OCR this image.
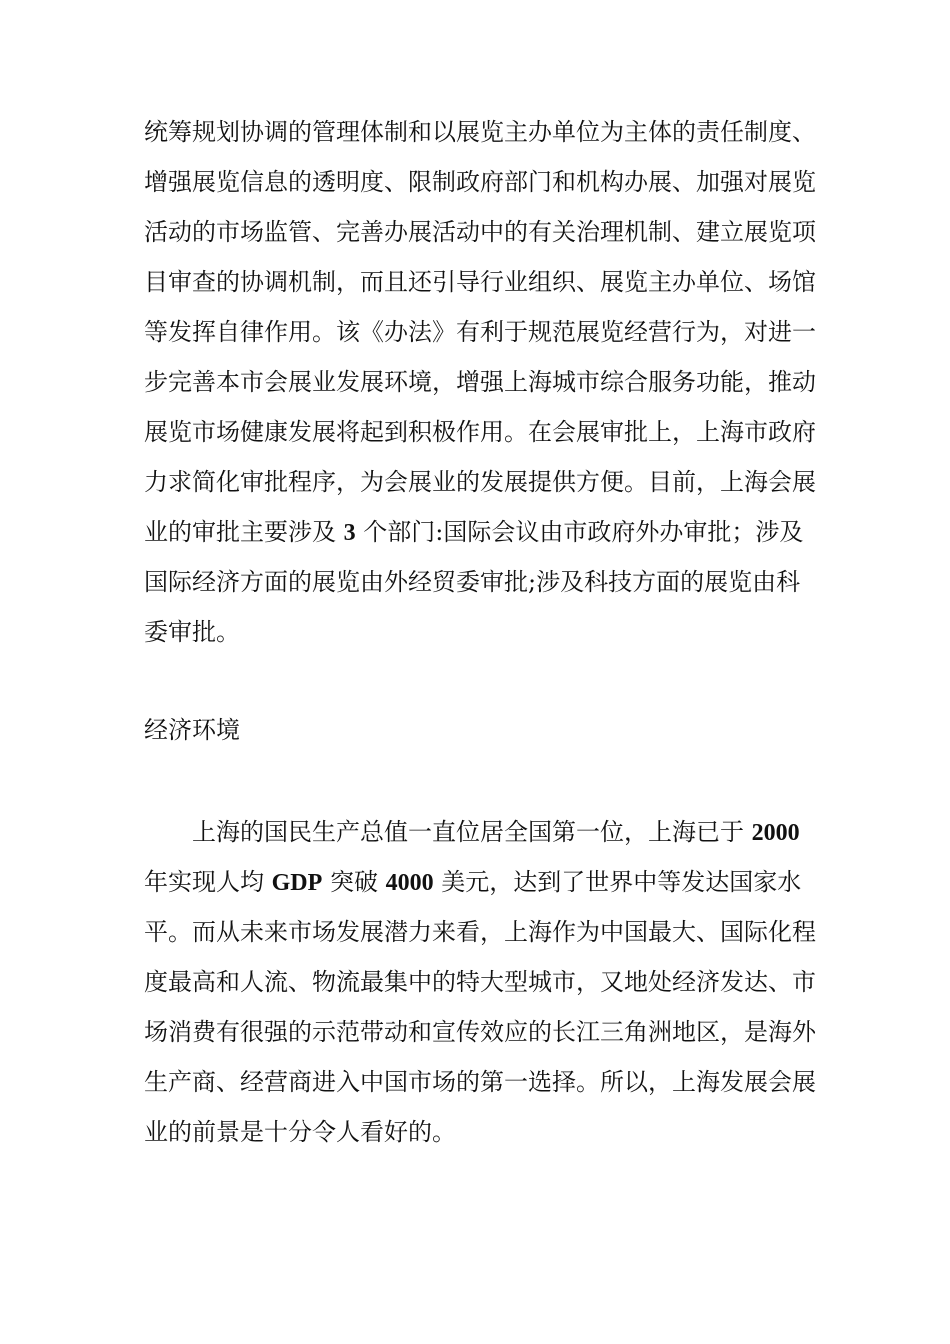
统筹规划协调的管理体制和以展览主办单位为主体的责任制度、
增强展览信息的透明度、限制政府部门和机构办展、加强对展览
活动的市场监管、完善办展活动中的有关治理机制、建立展览项
目审查的协调机制，而且还引导行业组织、展览主办单位、场馆
等发挥自律作用。该《办法》有利于规范展览经营行为，对进一
步完善本市会展业发展环境，增强上海城市综合服务功能，推动
展览市场健康发展将起到积极作用。在会展审批上，上海市政府
力求简化审批程序，为会展业的发展提供方便。目前，上海会展
业的审批主要涉及 3 个部门:国际会议由市政府外办审批；涉及
国际经济方面的展览由外经贸委审批;涉及科技方面的展览由科
委审批。
经济环境
上海的国民生产总值一直位居全国第一位，上海已于 2000
年实现人均 GDP 突破 4000 美元，达到了世界中等发达国家水
平。而从未来市场发展潜力来看，上海作为中国最大、国际化程
度最高和人流、物流最集中的特大型城市，又地处经济发达、市
场消费有很强的示范带动和宣传效应的长江三角洲地区，是海外
生产商、经营商进入中国市场的第一选择。所以，上海发展会展
业的前景是十分令人看好的。
